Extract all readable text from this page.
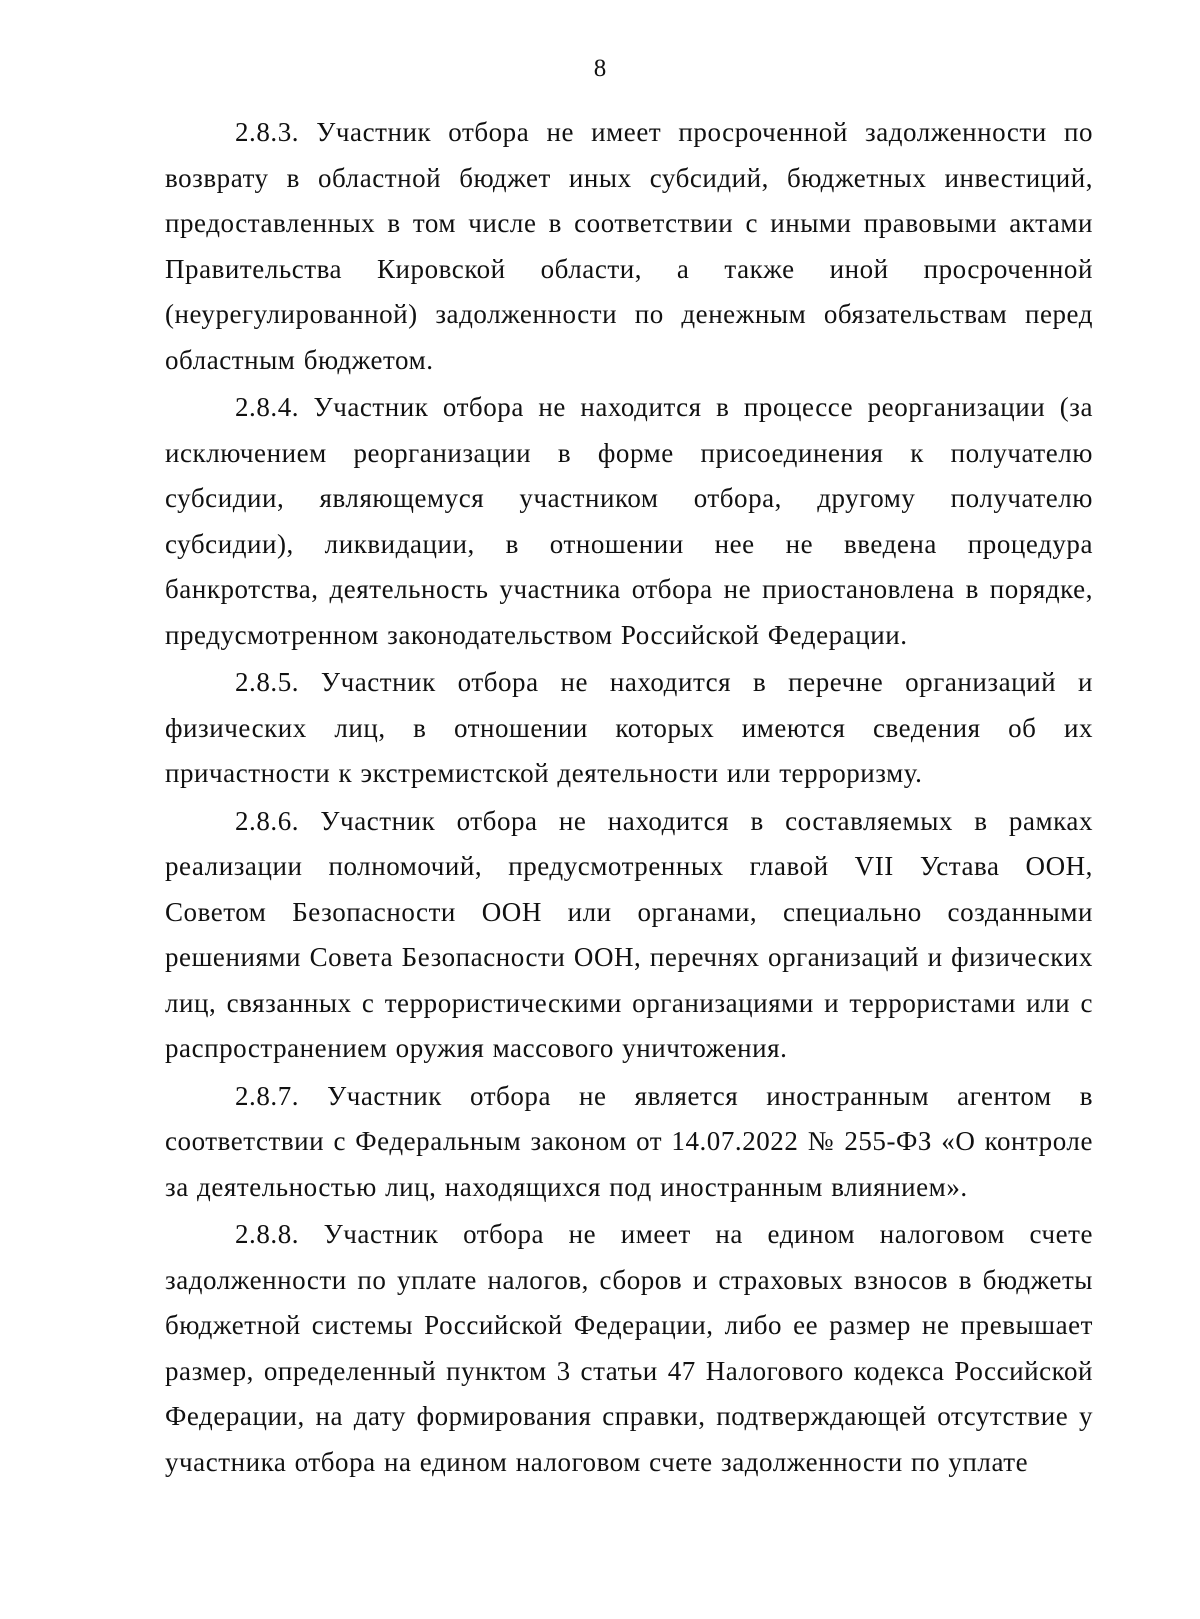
8

2.8.3. Участник отбора не имеет просроченной задолженности по возврату в областной бюджет иных субсидий, бюджетных инвестиций, предоставленных в том числе в соответствии с иными правовыми актами Правительства Кировской области, а также иной просроченной (неурегулированной) задолженности по денежным обязательствам перед областным бюджетом.

2.8.4. Участник отбора не находится в процессе реорганизации (за исключением реорганизации в форме присоединения к получателю субсидии, являющемуся участником отбора, другому получателю субсидии), ликвидации, в отношении нее не введена процедура банкротства, деятельность участника отбора не приостановлена в порядке, предусмотренном законодательством Российской Федерации.

2.8.5. Участник отбора не находится в перечне организаций и физических лиц, в отношении которых имеются сведения об их причастности к экстремистской деятельности или терроризму.

2.8.6. Участник отбора не находится в составляемых в рамках реализации полномочий, предусмотренных главой VII Устава ООН, Советом Безопасности ООН или органами, специально созданными решениями Совета Безопасности ООН, перечнях организаций и физических лиц, связанных с террористическими организациями и террористами или с распространением оружия массового уничтожения.

2.8.7. Участник отбора не является иностранным агентом в соответствии с Федеральным законом от 14.07.2022 № 255-ФЗ «О контроле за деятельностью лиц, находящихся под иностранным влиянием».

2.8.8. Участник отбора не имеет на едином налоговом счете задолженности по уплате налогов, сборов и страховых взносов в бюджеты бюджетной системы Российской Федерации, либо ее размер не превышает размер, определенный пунктом 3 статьи 47 Налогового кодекса Российской Федерации, на дату формирования справки, подтверждающей отсутствие у участника отбора на едином налоговом счете задолженности по уплате
